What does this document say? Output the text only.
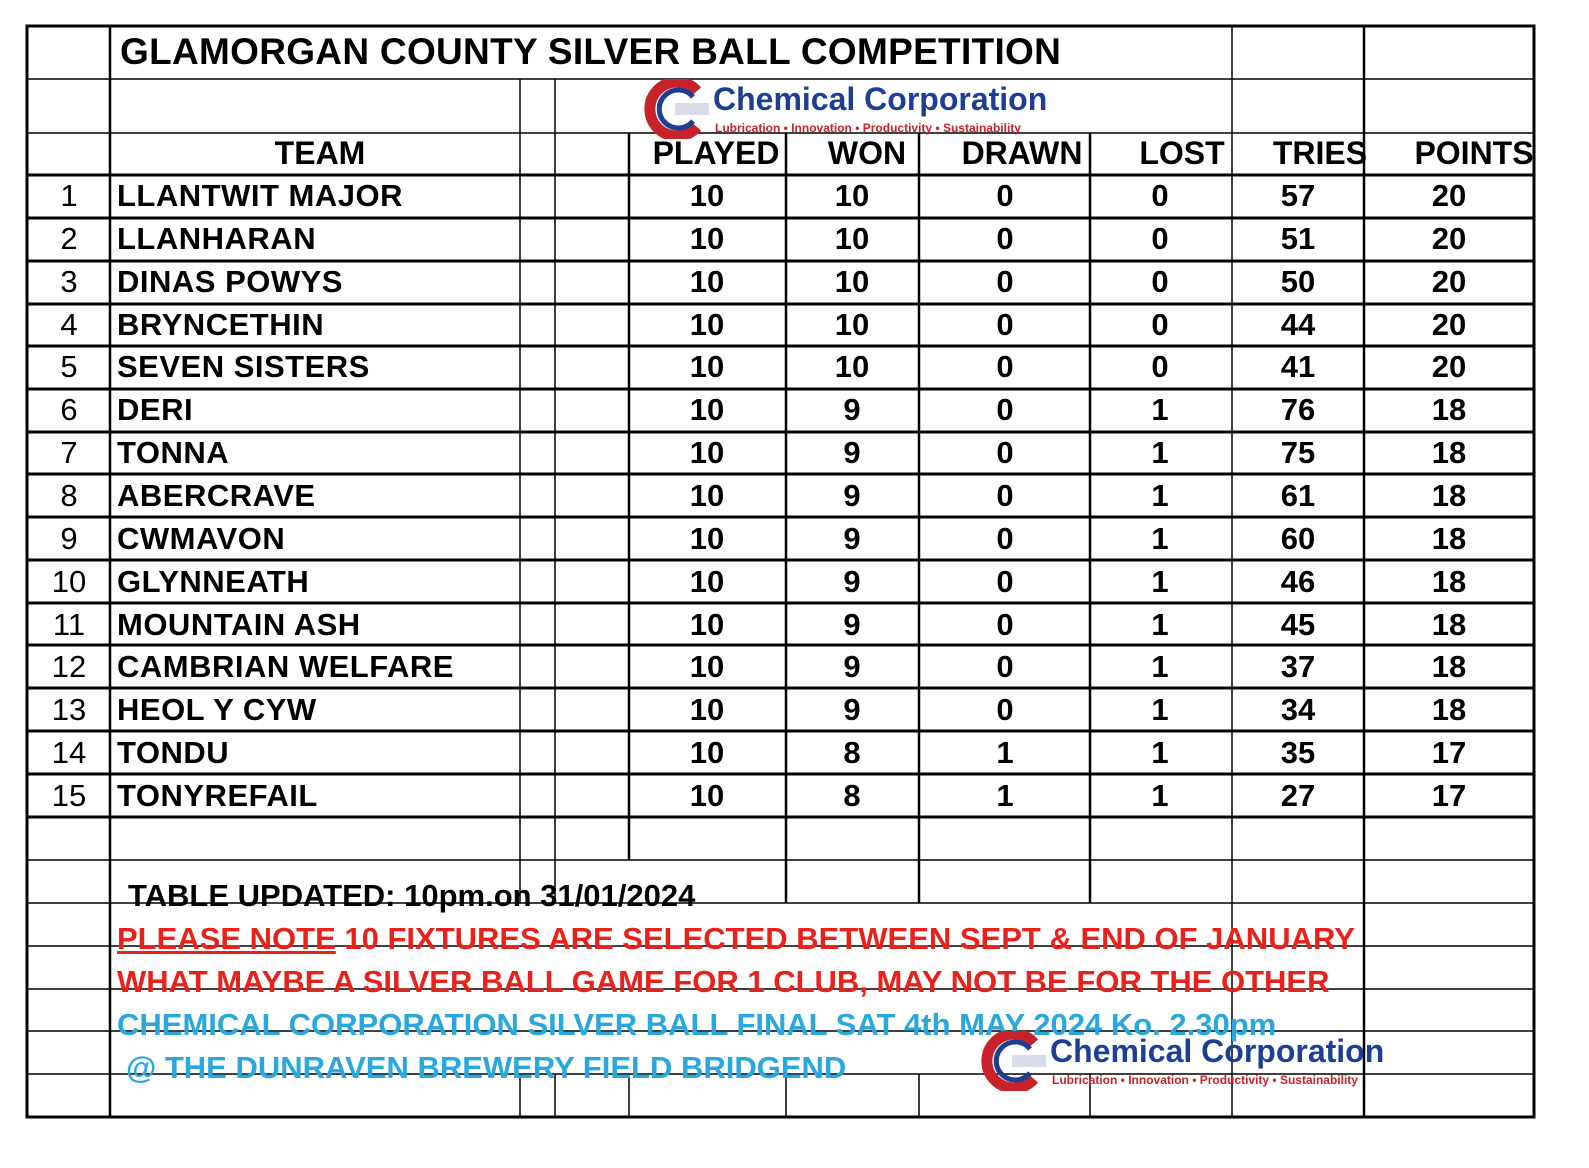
GLAMORGAN COUNTY SILVER BALL COMPETITION
Chemical Corporation
Lubrication • Innovation • Productivity • Sustainability
TEAM	PLAYED WON DRAWN LOST TRIES POINTS
1 LLANTWIT MAJOR	10	10	0	0	57	20
2 LLANHARAN	10	10	0	0	51	20
3 DINAS POWYS	10	10	0	0	50	20
4 BRYNCETHIN	10	10	0	0	44	20
5 SEVEN SISTERS	10	10	0	0	41	20
6 DERI	10	9	0	1	76	18
7 TONNA	10	9	0	1	75	18
8 ABERCRAVE	10	9	0	1	61	18
9 CWMAVON	10	9	0	1	60	18
10 GLYNNEATH	10	9	0	1	46	18
11 MOUNTAIN ASH	10	9	0	1	45	18
12 CAMBRIAN WELFARE	10	9	0	1	37	18
13 HEOL Y CYW	10	9	0	1	34	18
14 TONDU	10	8	1	1	35	17
15 TONYREFAIL	10	8	1	1	27	17
TABLE UPDATED: 10pm.on 31/01/2024
PLEASE NOTE 10 FIXTURES ARE SELECTED BETWEEN SEPT & END OF JANUARY
WHAT MAYBE A SILVER BALL GAME FOR 1 CLUB, MAY NOT BE FOR THE OTHER
CHEMICAL CORPORATION SILVER BALL FINAL SAT 4th MAY 2024 Ko. 2.30pm
@ THE DUNRAVEN BREWERY FIELD BRIDGEND	Chemical Corporation
Lubrication • Innovation • Productivity • Sustainability
